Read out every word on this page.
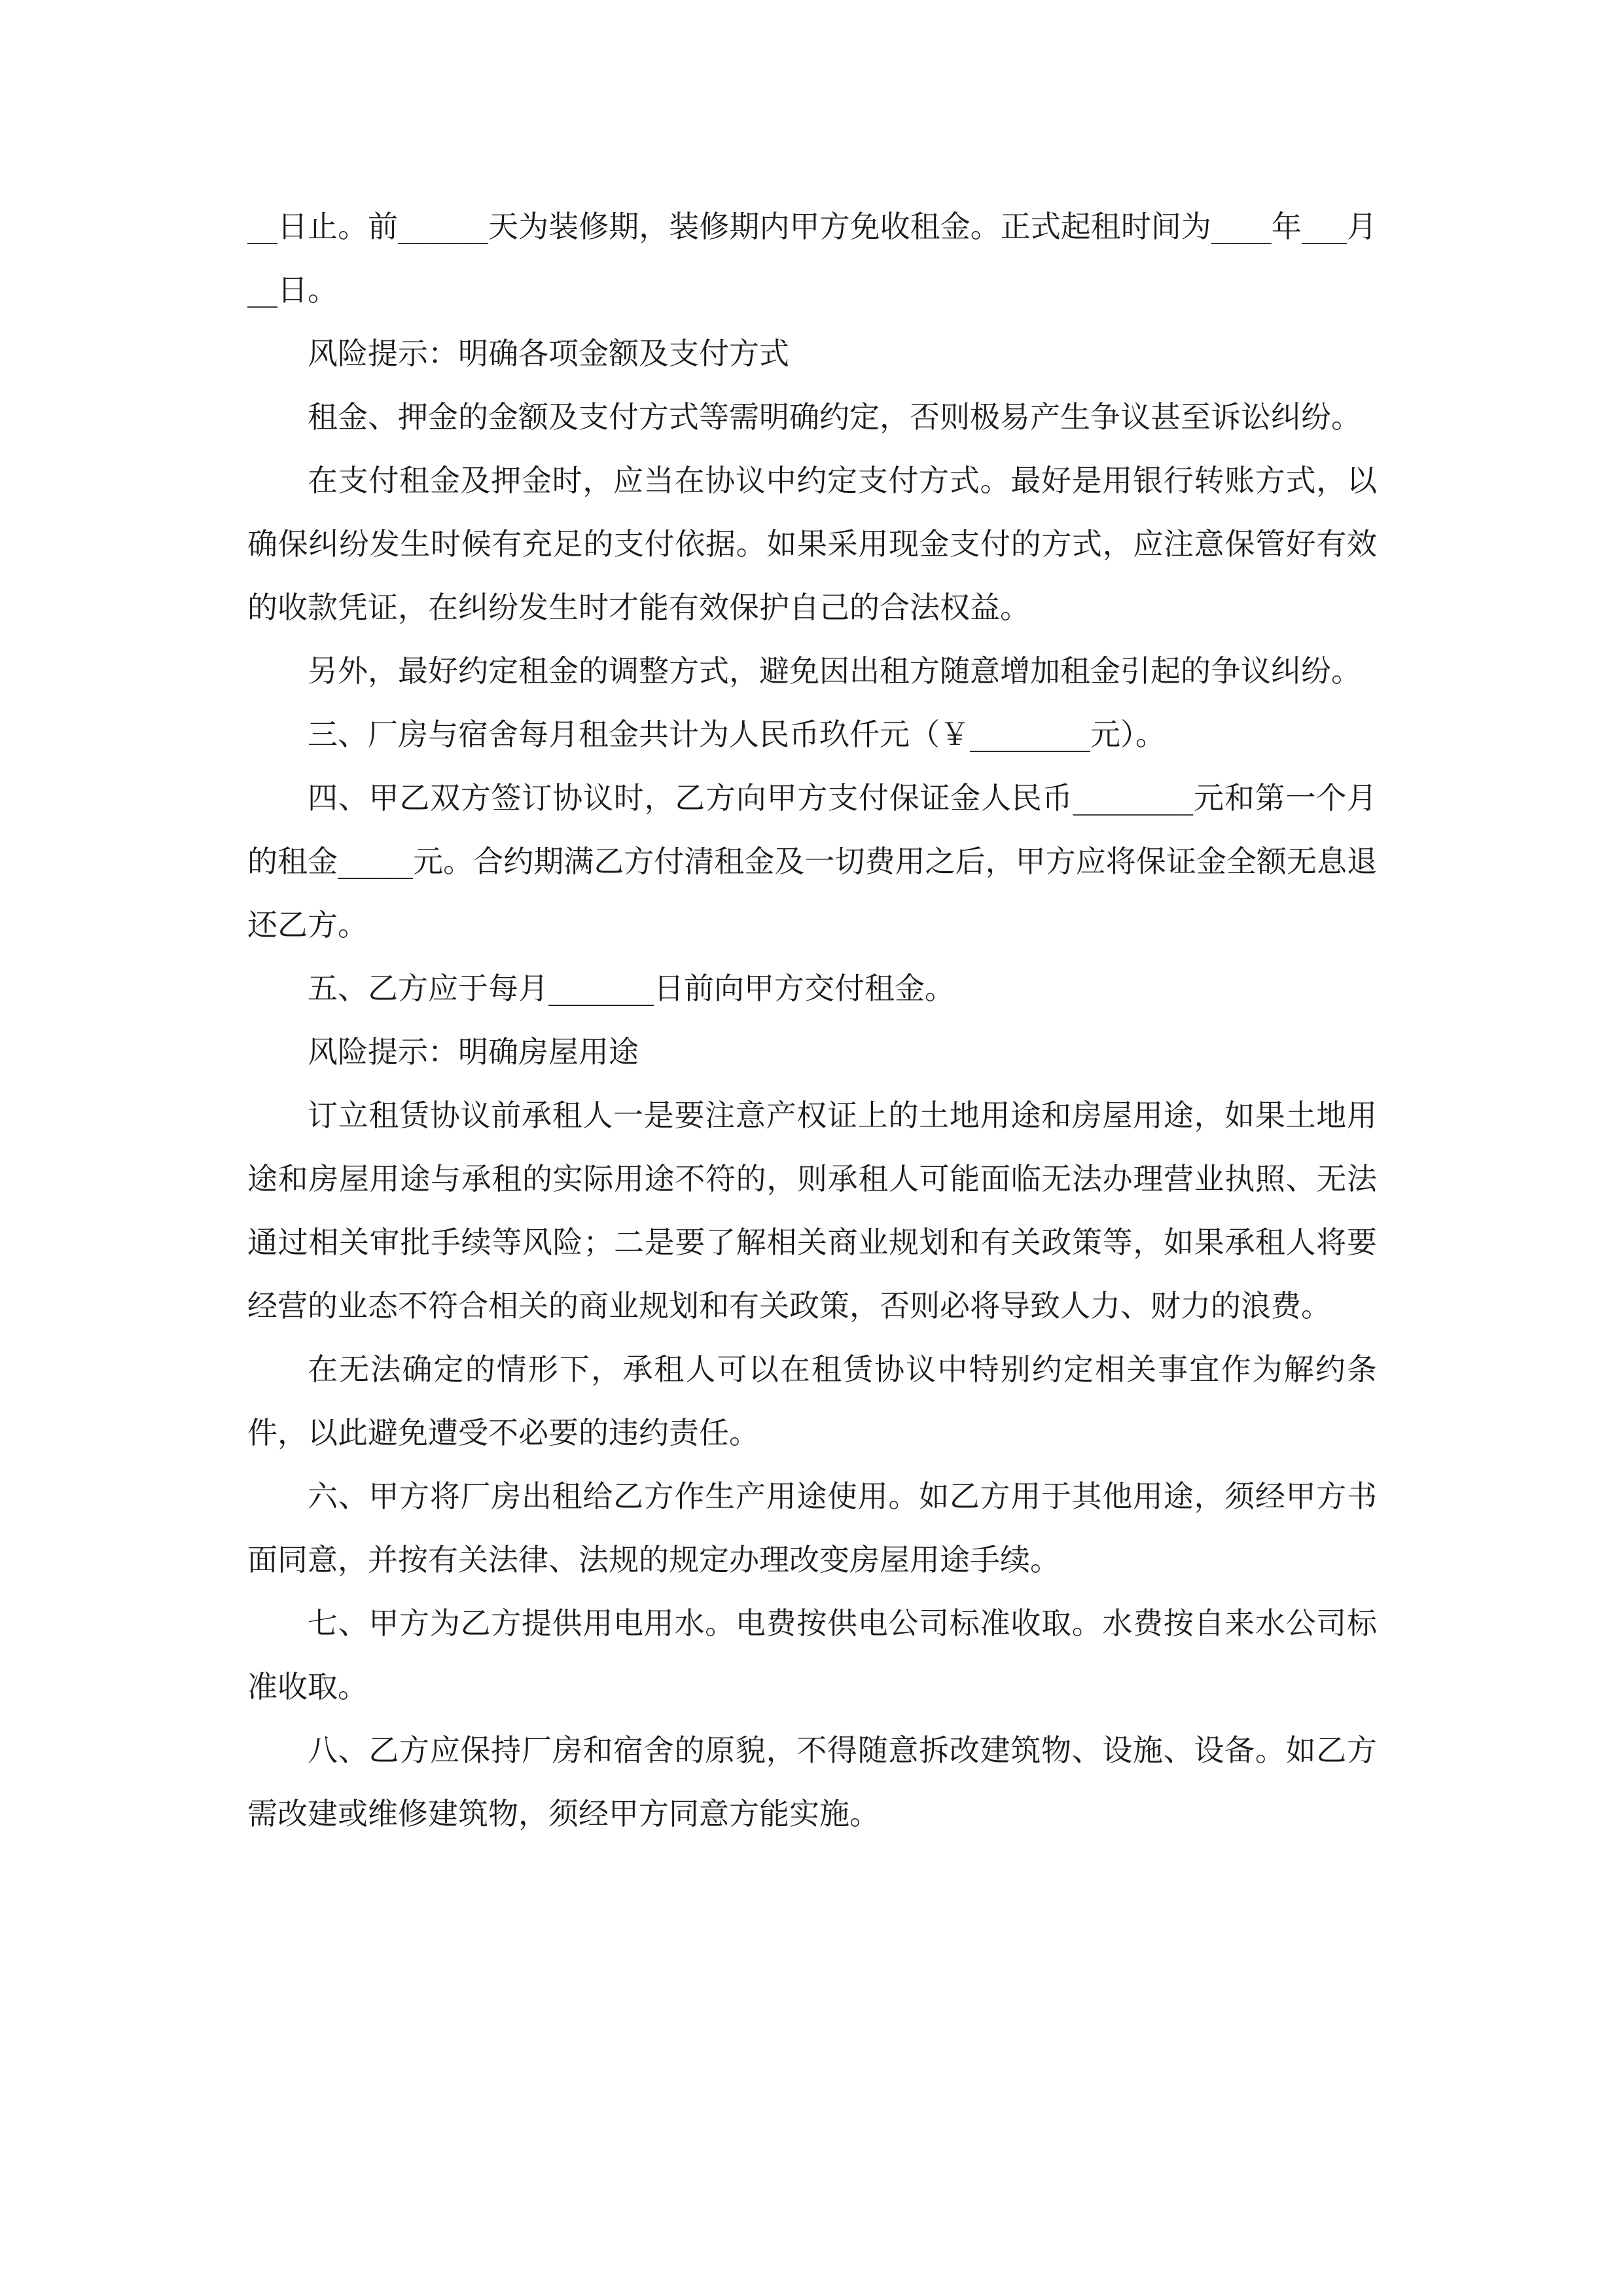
__日止。前______天为装修期，装修期内甲方免收租金。正式起租时间为____年___月__日。

风险提示：明确各项金额及支付方式

租金、押金的金额及支付方式等需明确约定，否则极易产生争议甚至诉讼纠纷。

在支付租金及押金时，应当在协议中约定支付方式。最好是用银行转账方式，以确保纠纷发生时候有充足的支付依据。如果采用现金支付的方式，应注意保管好有效的收款凭证，在纠纷发生时才能有效保护自己的合法权益。

另外，最好约定租金的调整方式，避免因出租方随意增加租金引起的争议纠纷。

三、厂房与宿舍每月租金共计为人民币玖仟元（￥________元）。

四、甲乙双方签订协议时，乙方向甲方支付保证金人民币________元和第一个月的租金_____元。合约期满乙方付清租金及一切费用之后，甲方应将保证金全额无息退还乙方。

五、乙方应于每月_______日前向甲方交付租金。

风险提示：明确房屋用途

订立租赁协议前承租人一是要注意产权证上的土地用途和房屋用途，如果土地用途和房屋用途与承租的实际用途不符的，则承租人可能面临无法办理营业执照、无法通过相关审批手续等风险；二是要了解相关商业规划和有关政策等，如果承租人将要经营的业态不符合相关的商业规划和有关政策，否则必将导致人力、财力的浪费。

在无法确定的情形下，承租人可以在租赁协议中特别约定相关事宜作为解约条件，以此避免遭受不必要的违约责任。

六、甲方将厂房出租给乙方作生产用途使用。如乙方用于其他用途，须经甲方书面同意，并按有关法律、法规的规定办理改变房屋用途手续。

七、甲方为乙方提供用电用水。电费按供电公司标准收取。水费按自来水公司标准收取。

八、乙方应保持厂房和宿舍的原貌，不得随意拆改建筑物、设施、设备。如乙方需改建或维修建筑物，须经甲方同意方能实施。
